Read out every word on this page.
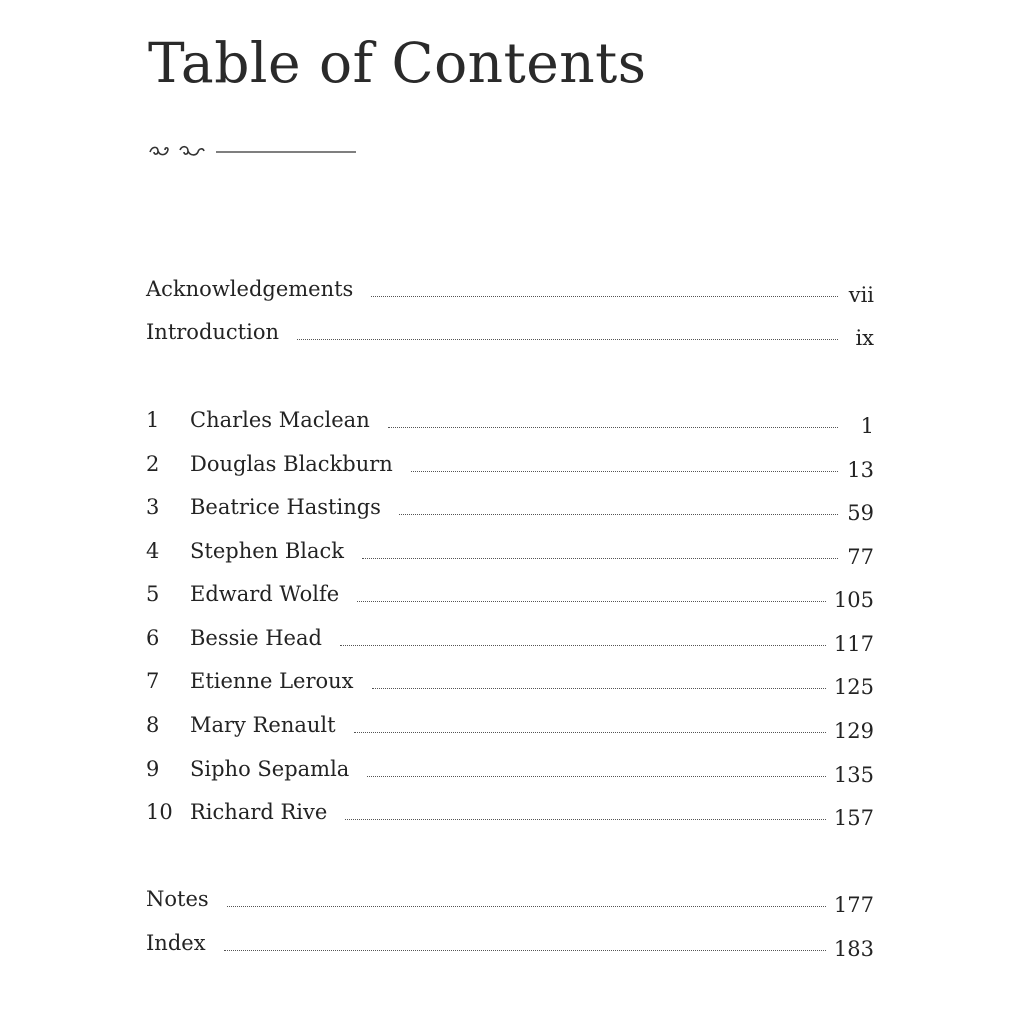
Table of Contents
Acknowledgements	vii
Introduction	ix
1	Charles Maclean	1
2	Douglas Blackburn	13
3	Beatrice Hastings	59
4	Stephen Black	77
5	Edward Wolfe	105
6	Bessie Head	117
7	Etienne Leroux	125
8	Mary Renault	129
9	Sipho Sepamla	135
10 Richard Rive	157
Notes	177
Index	183
